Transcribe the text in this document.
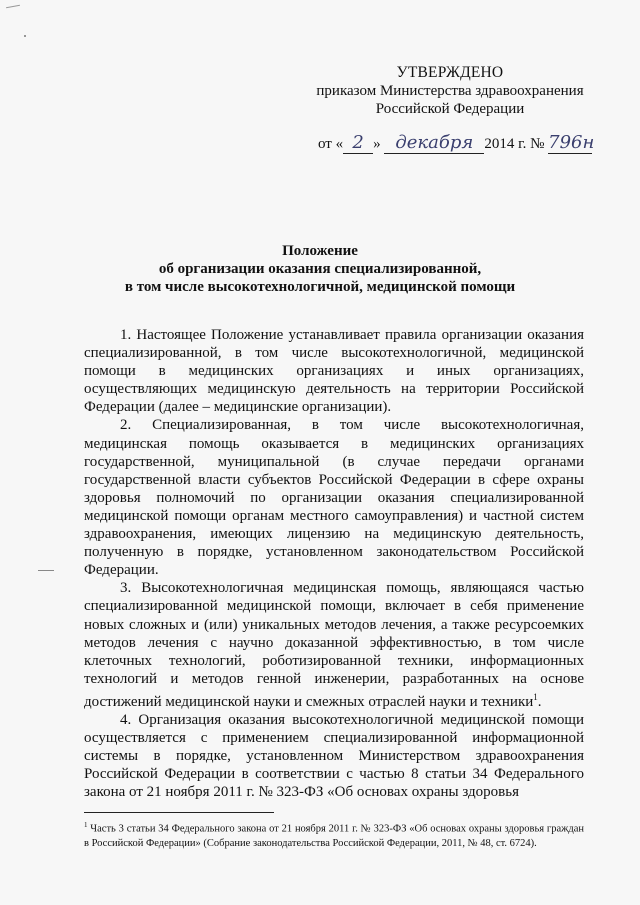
УТВЕРЖДЕНО
приказом Министерства здравоохранения
Российской Федерации
от « 2 » декабря 2014 г. № 796н
Положение
об организации оказания специализированной,
в том числе высокотехнологичной, медицинской помощи

1. Настоящее Положение устанавливает правила организации оказания специализированной, в том числе высокотехнологичной, медицинской помощи в медицинских организациях и иных организациях, осуществляющих медицинскую деятельность на территории Российской Федерации (далее – медицинские организации).

2. Специализированная, в том числе высокотехнологичная, медицинская помощь оказывается в медицинских организациях государственной, муниципальной (в случае передачи органами государственной власти субъектов Российской Федерации в сфере охраны здоровья полномочий по организации оказания специализированной медицинской помощи органам местного самоуправления) и частной систем здравоохранения, имеющих лицензию на медицинскую деятельность, полученную в порядке, установленном законодательством Российской Федерации.

3. Высокотехнологичная медицинская помощь, являющаяся частью специализированной медицинской помощи, включает в себя применение новых сложных и (или) уникальных методов лечения, а также ресурсоемких методов лечения с научно доказанной эффективностью, в том числе клеточных технологий, роботизированной техники, информационных технологий и методов генной инженерии, разработанных на основе достижений медицинской науки и смежных отраслей науки и техники$^1$.

4. Организация оказания высокотехнологичной медицинской помощи осуществляется с применением специализированной информационной системы в порядке, установленном Министерством здравоохранения Российской Федерации в соответствии с частью 8 статьи 34 Федерального закона от 21 ноября 2011 г. № 323-ФЗ «Об основах охраны здоровья

$^1$ Часть 3 статьи 34 Федерального закона от 21 ноября 2011 г. № 323-ФЗ «Об основах охраны здоровья граждан в Российской Федерации» (Собрание законодательства Российской Федерации, 2011, № 48, ст. 6724).
